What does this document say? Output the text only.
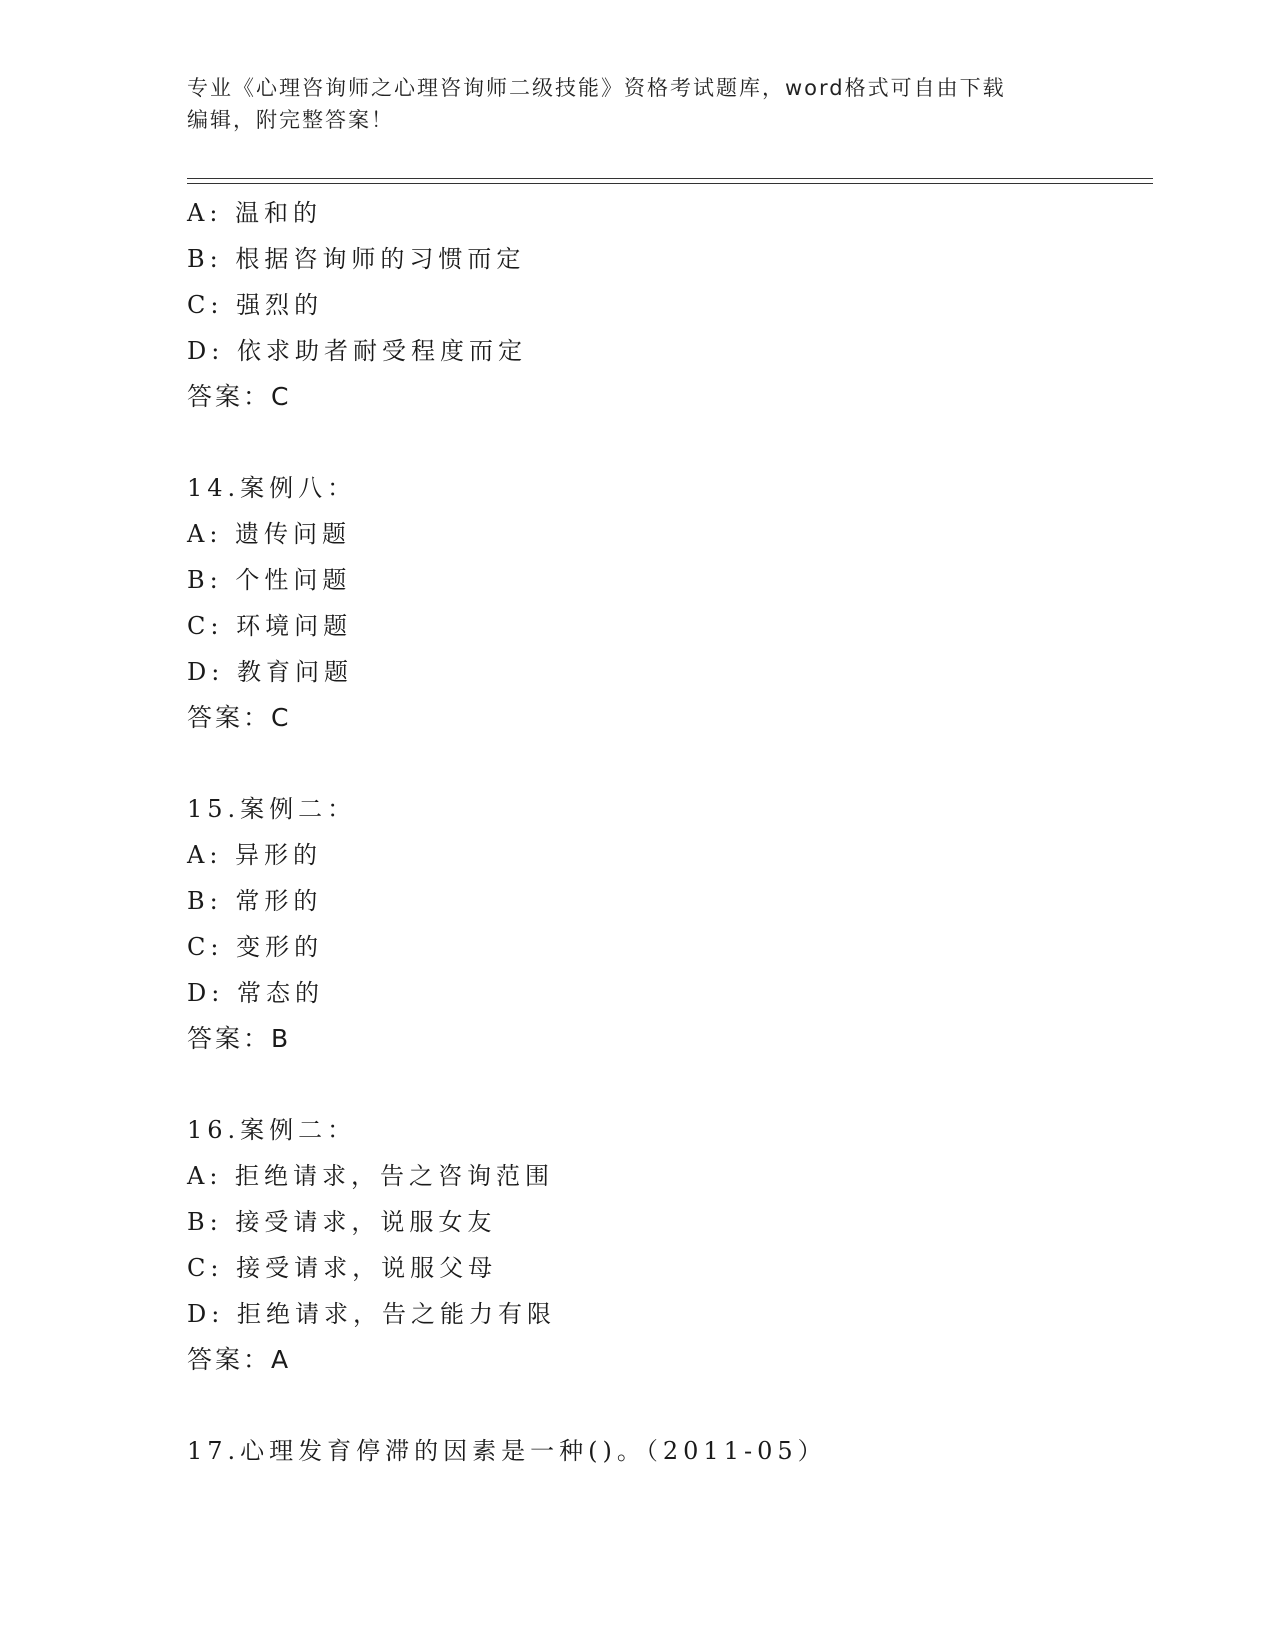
专业《心理咨询师之心理咨询师二级技能》资格考试题库，word格式可自由下载
编辑，附完整答案！
A: 温和的
B: 根据咨询师的习惯而定
C: 强烈的
D: 依求助者耐受程度而定
答案：C
14.案例八：
A: 遗传问题
B: 个性问题
C: 环境问题
D: 教育问题
答案：C
15.案例二：
A: 异形的
B: 常形的
C: 变形的
D: 常态的
答案：B
16.案例二：
A: 拒绝请求，告之咨询范围
B: 接受请求，说服女友
C: 接受请求，说服父母
D: 拒绝请求，告之能力有限
答案：A
17.心理发育停滞的因素是一种()。（2011-05）
